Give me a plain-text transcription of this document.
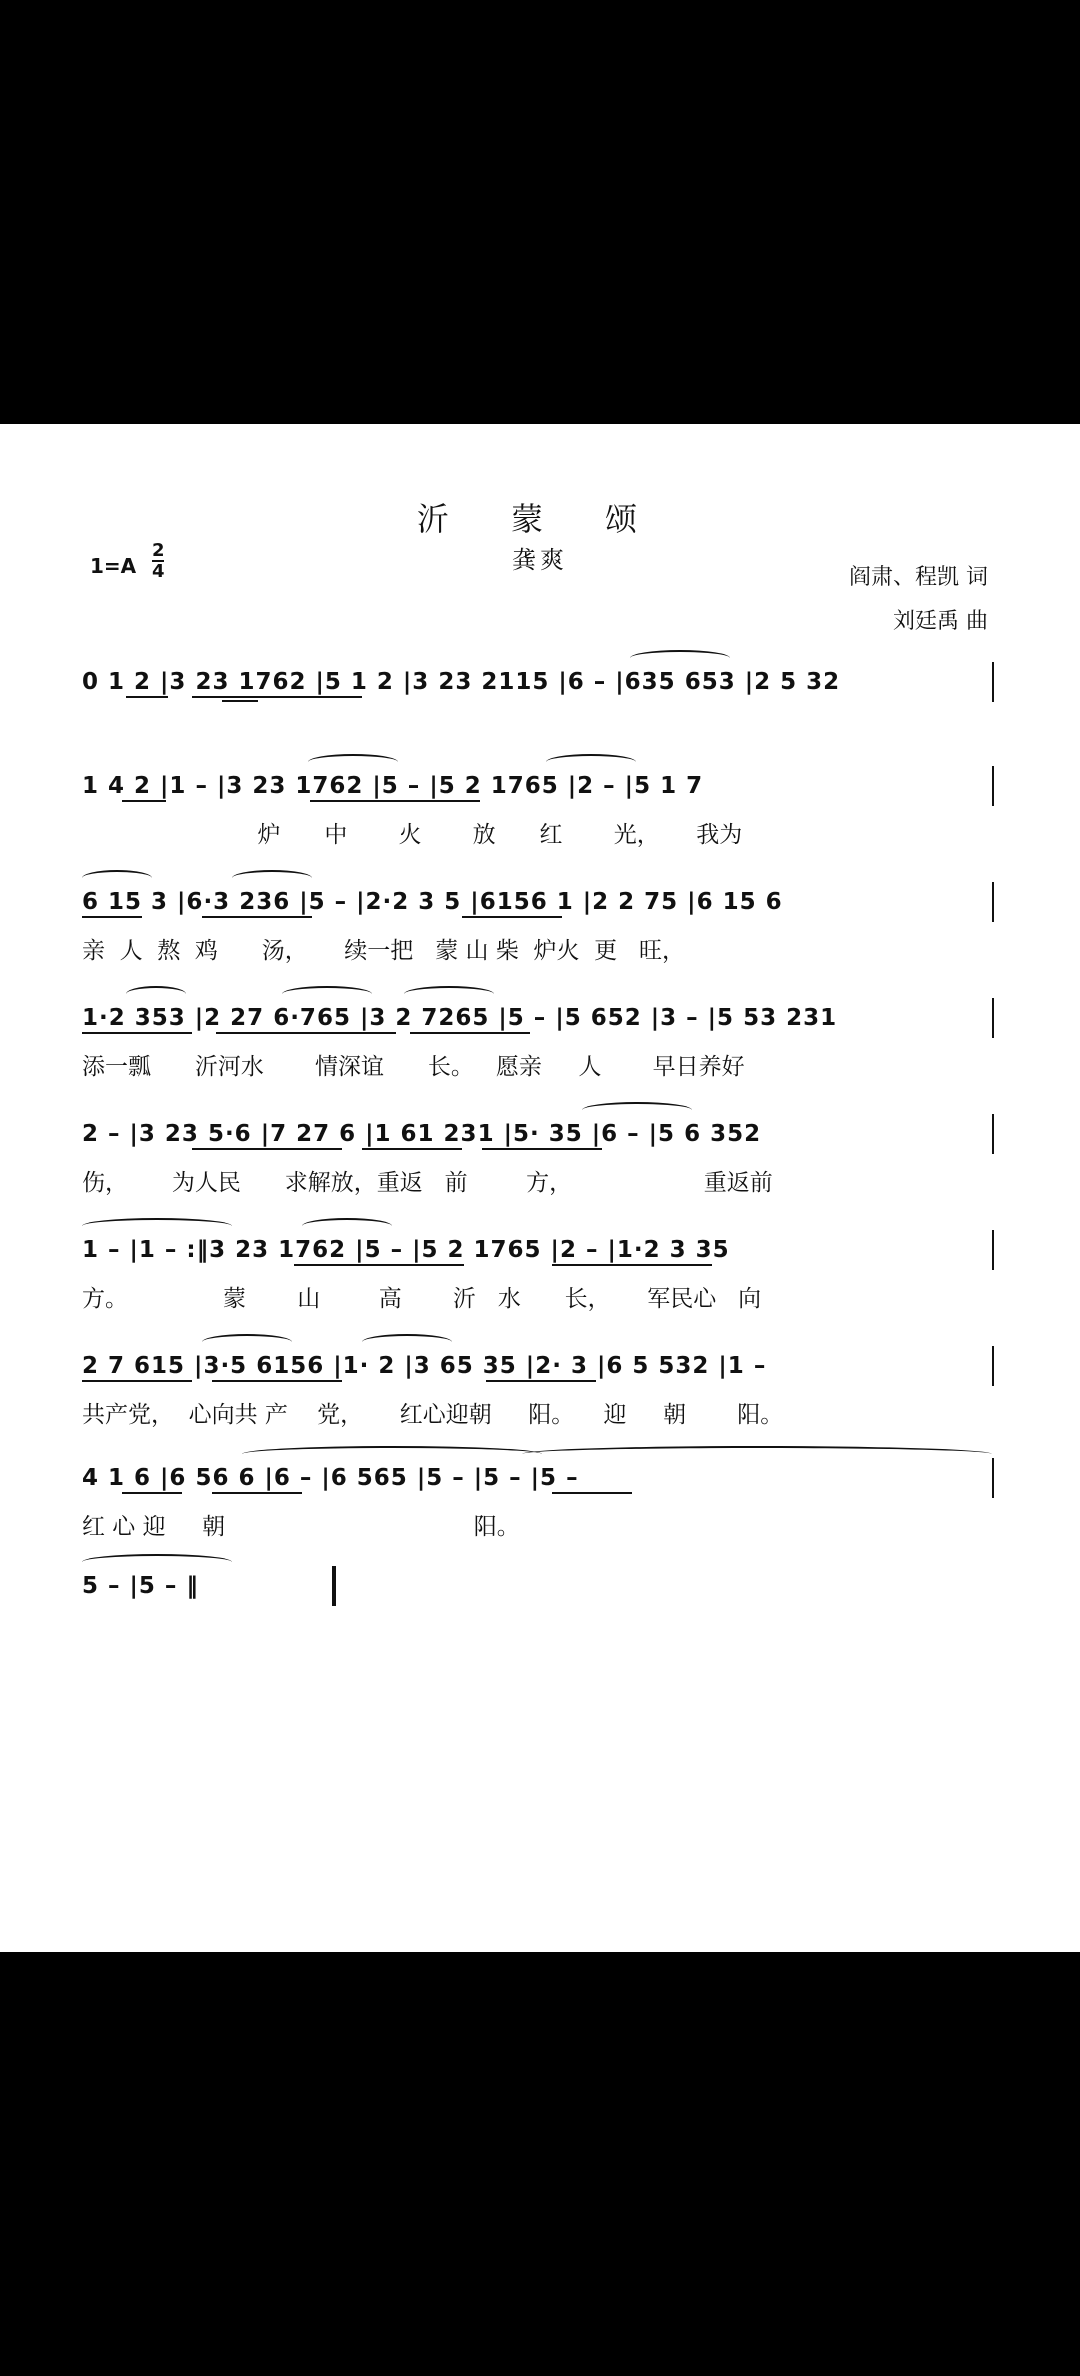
沂 蒙 颂
龚爽
1=A
2
4	阎肃、程凯 词
刘廷禹 曲
0 1 2 |3 23 1762 |5 1 2 |3 23 2115 |6 – |635 653 |2 5 32
1 4 2 |1 – |3 23 1762 |5 – |5 2 1765 |2 – |5 1 7
炉      中       火       放      红       光，     我为
6 15 3 |6·3 236 |5 – |2·2 3 5 |6156 1 |2 2 75 |6 15 6
亲  人  熬  鸡      汤，     续一把   蒙 山 柴  炉火  更   旺，
1·2 353 |2 27 6·765 |3 2 7265 |5 – |5 652 |3 – |5 53 231
添一瓢      沂河水       情深谊      长。   愿亲     人       早日养好
2 – |3 23 5·6 |7 27 6 |1 61 231 |5· 35 |6 – |5 6 352
伤，      为人民      求解放，重返   前        方，                  重返前
1 – |1 – :‖3 23 1762 |5 – |5 2 1765 |2 – |1·2 3 35
方。             蒙       山        高       沂   水      长，     军民心   向
2 7 615 |3·5 6156 |1· 2 |3 65 35 |2· 3 |6 5 532 |1 –
共产党，  心向共 产    党，     红心迎朝     阳。    迎     朝       阳。
4 1 6 |6 56 6 |6 – |6 565 |5 – |5 – |5 –
红 心 迎     朝                                  阳。
5 – |5 – ‖
